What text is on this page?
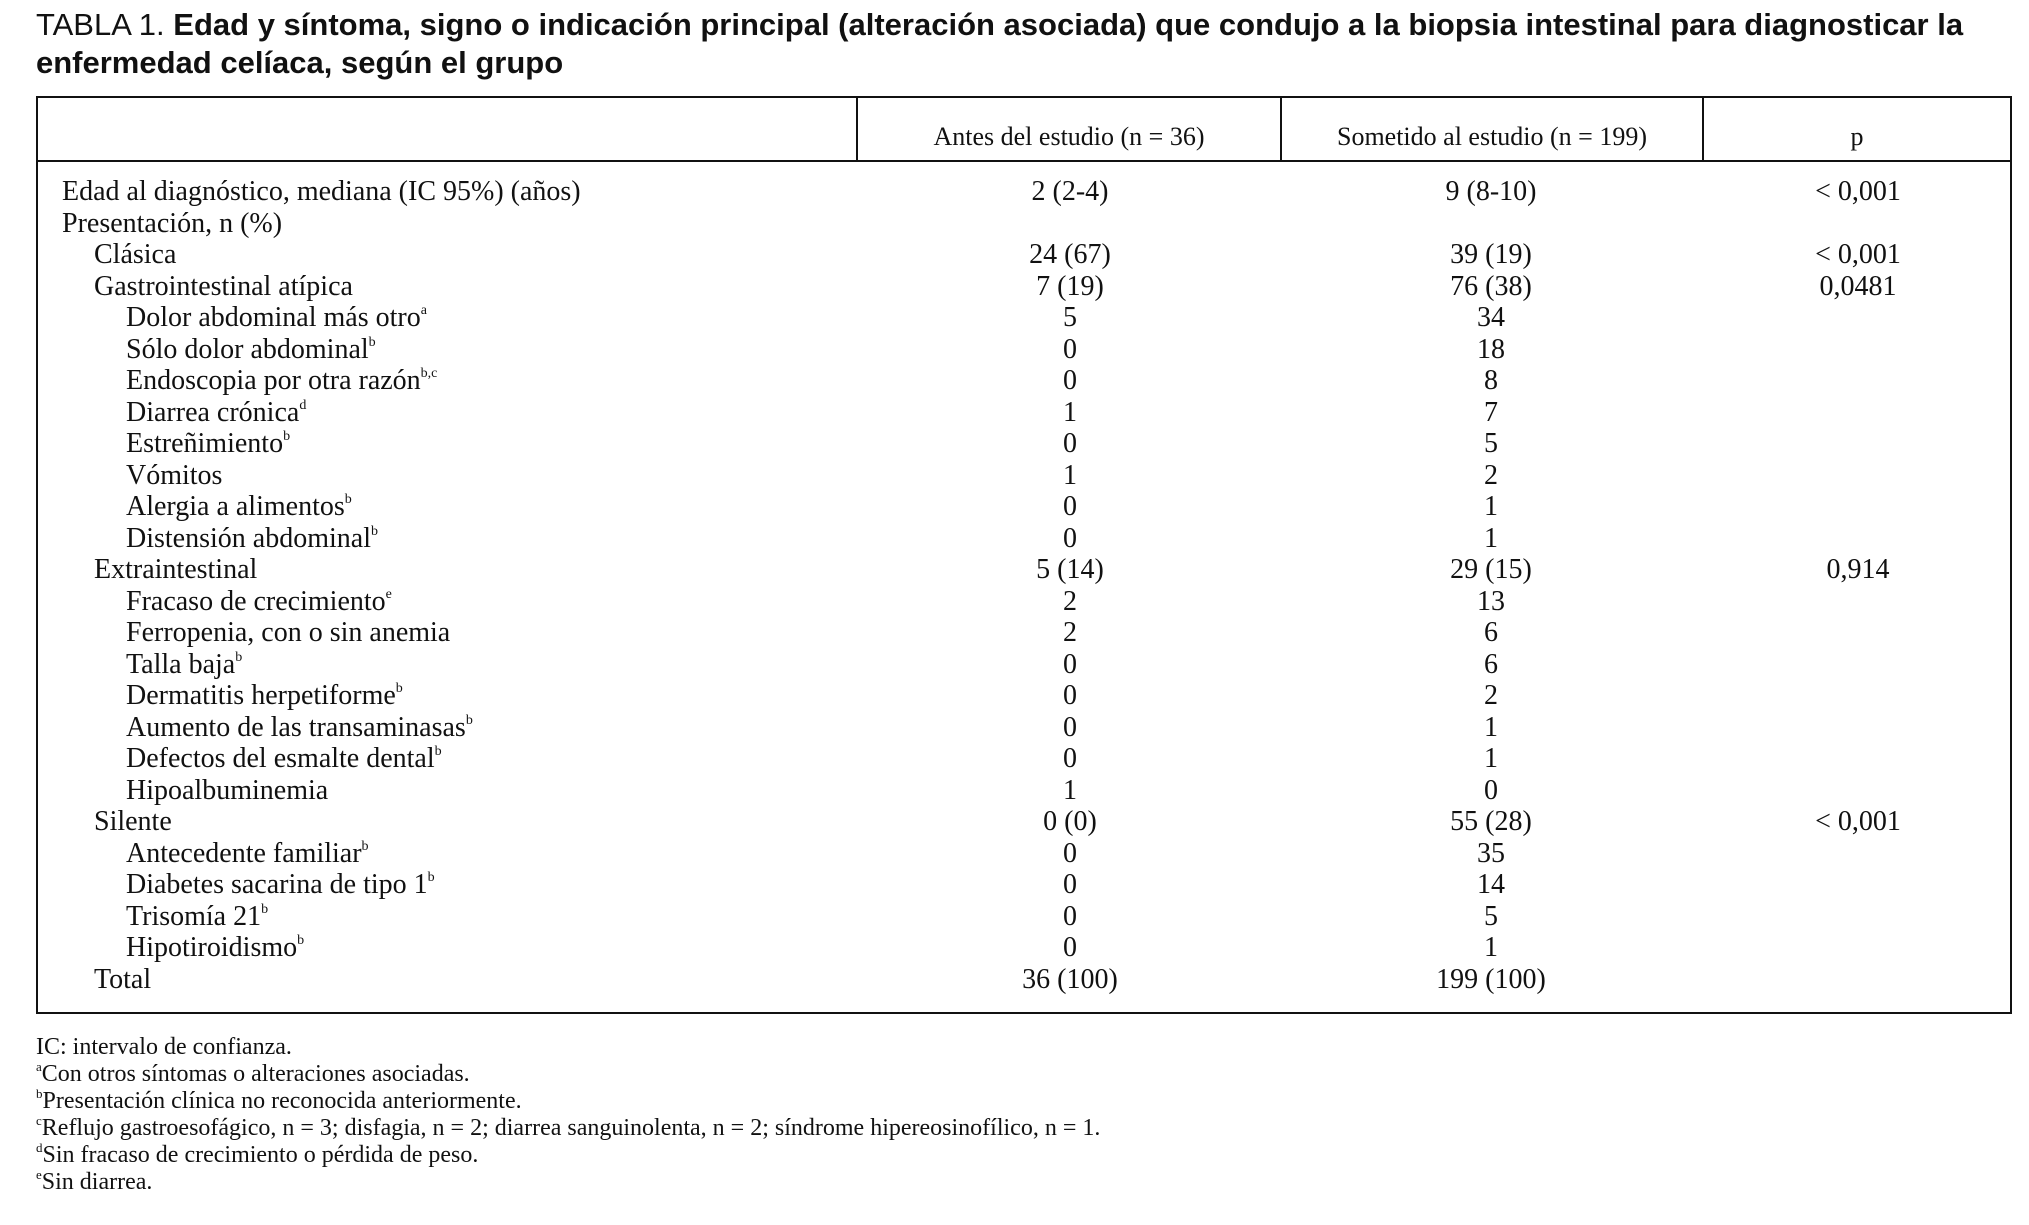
TABLA 1. Edad y síntoma, signo o indicación principal (alteración asociada) que condujo a la biopsia intestinal para diagnosticar la enfermedad celíaca, según el grupo
Antes del estudio (n = 36)	Sometido al estudio (n = 199)	p
Edad al diagnóstico, mediana (IC 95%) (años)	2 (2-4)	9 (8-10)	< 0,001
Presentación, n (%)
Clásica	24 (67)	39 (19)	< 0,001
Gastrointestinal atípica	7 (19)	76 (38)	0,0481
Dolor abdominal más otro$^a$	5	34
Sólo dolor abdominal$^b$	0	18
Endoscopia por otra razón$^{b,c}$	0	8
Diarrea crónica$^d$	1	7
Estreñimiento$^b$	0	5
Vómitos	1	2
Alergia a alimentos$^b$	0	1
Distensión abdominal$^b$	0	1
Extraintestinal	5 (14)	29 (15)	0,914
Fracaso de crecimiento$^e$	2	13
Ferropenia, con o sin anemia	2	6
Talla baja$^b$	0	6
Dermatitis herpetiforme$^b$	0	2
Aumento de las transaminasas$^b$	0	1
Defectos del esmalte dental$^b$	0	1
Hipoalbuminemia	1	0
Silente	0 (0)	55 (28)	< 0,001
Antecedente familiar$^b$	0	35
Diabetes sacarina de tipo 1$^b$	0	14
Trisomía 21$^b$	0	5
Hipotiroidismo$^b$	0	1
Total	36 (100)	199 (100)
IC: intervalo de confianza.
$^a$Con otros síntomas o alteraciones asociadas.
$^b$Presentación clínica no reconocida anteriormente.
$^c$Reflujo gastroesofágico, n = 3; disfagia, n = 2; diarrea sanguinolenta, n = 2; síndrome hipereosinofílico, n = 1.
$^d$Sin fracaso de crecimiento o pérdida de peso.
$^e$Sin diarrea.
